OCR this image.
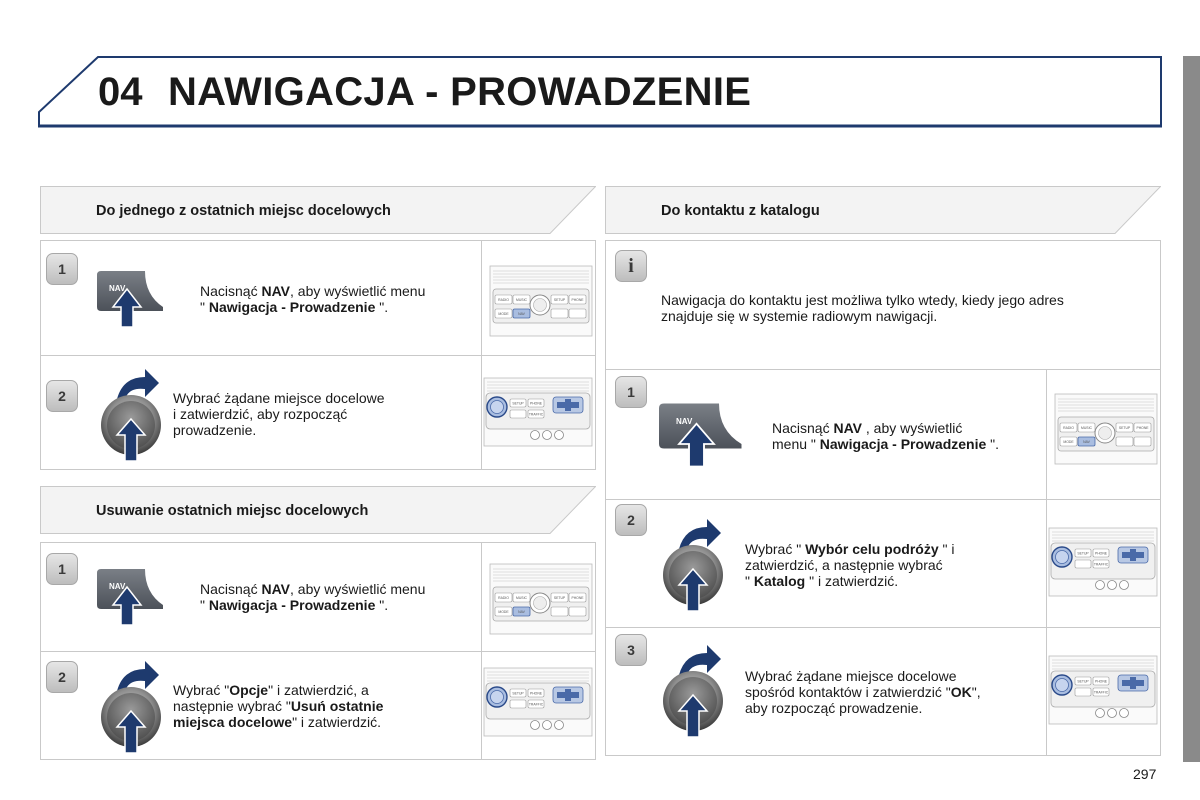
04 NAWIGACJA - PROWADZENIE
Do jednego z ostatnich miejsc docelowych
1
NAV	Nacisnąć NAV, aby wyświetlić menu
" Nawigacja - Prowadzenie ".	RADIO MUSIC	SETUP PHONE
MODE	NAV
2	Wybrać żądane miejsce docelowe
i zatwierdzić, aby rozpocząć
prowadzenie.
SETUP PHONE
TRAFFIC
Usuwanie ostatnich miejsc docelowych
1
NAV	Nacisnąć NAV, aby wyświetlić menu
" Nawigacja - Prowadzenie ".	RADIO MUSIC	SETUP PHONE
MODE	NAV
2
Wybrać "Opcje" i zatwierdzić, a
następnie wybrać "Usuń ostatnie
miejsca docelowe" i zatwierdzić.
SETUP PHONE
TRAFFIC
Do kontaktu z katalogu
i
Nawigacja do kontaktu jest możliwa tylko wtedy, kiedy jego adres
znajduje się w systemie radiowym nawigacji.
1
NAV	Nacisnąć NAV , aby wyświetlić
menu " Nawigacja - Prowadzenie ".
RADIO MUSIC	SETUP PHONE
MODE	NAV
2
Wybrać " Wybór celu podróży " i
zatwierdzić, a następnie wybrać
" Katalog " i zatwierdzić.
SETUP PHONE
TRAFFIC
3
Wybrać żądane miejsce docelowe
spośród kontaktów i zatwierdzić "OK",
aby rozpocząć prowadzenie.
SETUP PHONE
TRAFFIC
297
